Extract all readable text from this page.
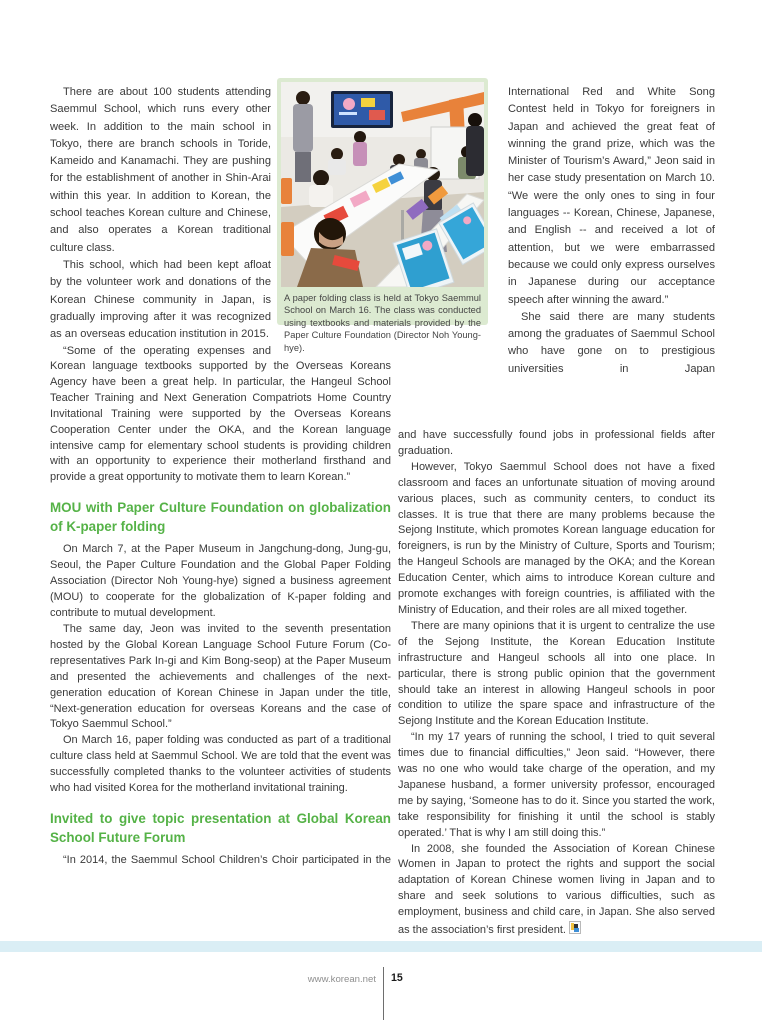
There are about 100 students attending Saemmul School, which runs every other week. In addition to the main school in Tokyo, there are branch schools in Toride, Kameido and Kanamachi. They are pushing for the establishment of another in Shin-Arai within this year. In addition to Korean, the school teaches Korean culture and Chinese, and also operates a Korean traditional culture class.

This school, which had been kept afloat by the volunteer work and donations of the Korean Chinese community in Japan, is gradually improving after it was recognized as an overseas education institution in 2015.

“Some of the operating expenses and

A paper folding class is held at Tokyo Saemmul School on March 16. The class was conducted using textbooks and materials provided by the Paper Culture Foundation (Director Noh Young-hye).

International Red and White Song Contest held in Tokyo for foreigners in Japan and achieved the great feat of winning the grand prize, which was the Minister of Tourism’s Award,” Jeon said in her case study presentation on March 10. “We were the only ones to sing in four languages -- Korean, Chinese, Japanese, and English -- and received a lot of attention, but we were embarrassed because we could only express ourselves in Japanese during our acceptance speech after winning the award.”

She said there are many students among the graduates of Saemmul School who have gone on to prestigious universities in Japan

Korean language textbooks supported by the Overseas Koreans Agency have been a great help. In particular, the Hangeul School Teacher Training and Next Generation Compatriots Home Country Invitational Training were supported by the Overseas Koreans Cooperation Center under the OKA, and the Korean language intensive camp for elementary school students is providing children with an opportunity to experience their motherland firsthand and provide a great opportunity to motivate them to learn Korean.”

MOU with Paper Culture Foundation on globalization of K-paper folding

On March 7, at the Paper Museum in Jangchung-dong, Jung-gu, Seoul, the Paper Culture Foundation and the Global Paper Folding Association (Director Noh Young-hye) signed a business agreement (MOU) to cooperate for the globalization of K-paper folding and contribute to mutual development.

The same day, Jeon was invited to the seventh presentation hosted by the Global Korean Language School Future Forum (Co-representatives Park In-gi and Kim Bong-seop) at the Paper Museum and presented the achievements and challenges of the next-generation education of Korean Chinese in Japan under the title, “Next-generation education for overseas Koreans and the case of Tokyo Saemmul School.”

On March 16, paper folding was conducted as part of a traditional culture class held at Saemmul School. We are told that the event was successfully completed thanks to the volunteer activities of students who had visited Korea for the motherland invitational training.

Invited to give topic presentation at Global Korean School Future Forum

“In 2014, the Saemmul School Children’s Choir participated in the

and have successfully found jobs in professional fields after graduation.

However, Tokyo Saemmul School does not have a fixed classroom and faces an unfortunate situation of moving around various places, such as community centers, to conduct its classes. It is true that there are many problems because the Sejong Institute, which promotes Korean language education for foreigners, is run by the Ministry of Culture, Sports and Tourism; the Hangeul Schools are managed by the OKA; and the Korean Education Center, which aims to introduce Korean culture and promote exchanges with foreign countries, is affiliated with the Ministry of Education, and their roles are all mixed together.

There are many opinions that it is urgent to centralize the use of the Sejong Institute, the Korean Education Institute infrastructure and Hangeul schools all into one place. In particular, there is strong public opinion that the government should take an interest in allowing Hangeul schools in poor condition to utilize the spare space and infrastructure of the Sejong Institute and the Korean Education Institute.

“In my 17 years of running the school, I tried to quit several times due to financial difficulties,” Jeon said. “However, there was no one who would take charge of the operation, and my Japanese husband, a former university professor, encouraged me by saying, ‘Someone has to do it. Since you started the work, take responsibility for finishing it until the school is stably operated.’ That is why I am still doing this.”

In 2008, she founded the Association of Korean Chinese Women in Japan to protect the rights and support the social adaptation of Korean Chinese women living in Japan and to share and seek solutions to various difficulties, such as employment, business and child care, in Japan. She also served as the association’s first president.

www.korean.net 15
